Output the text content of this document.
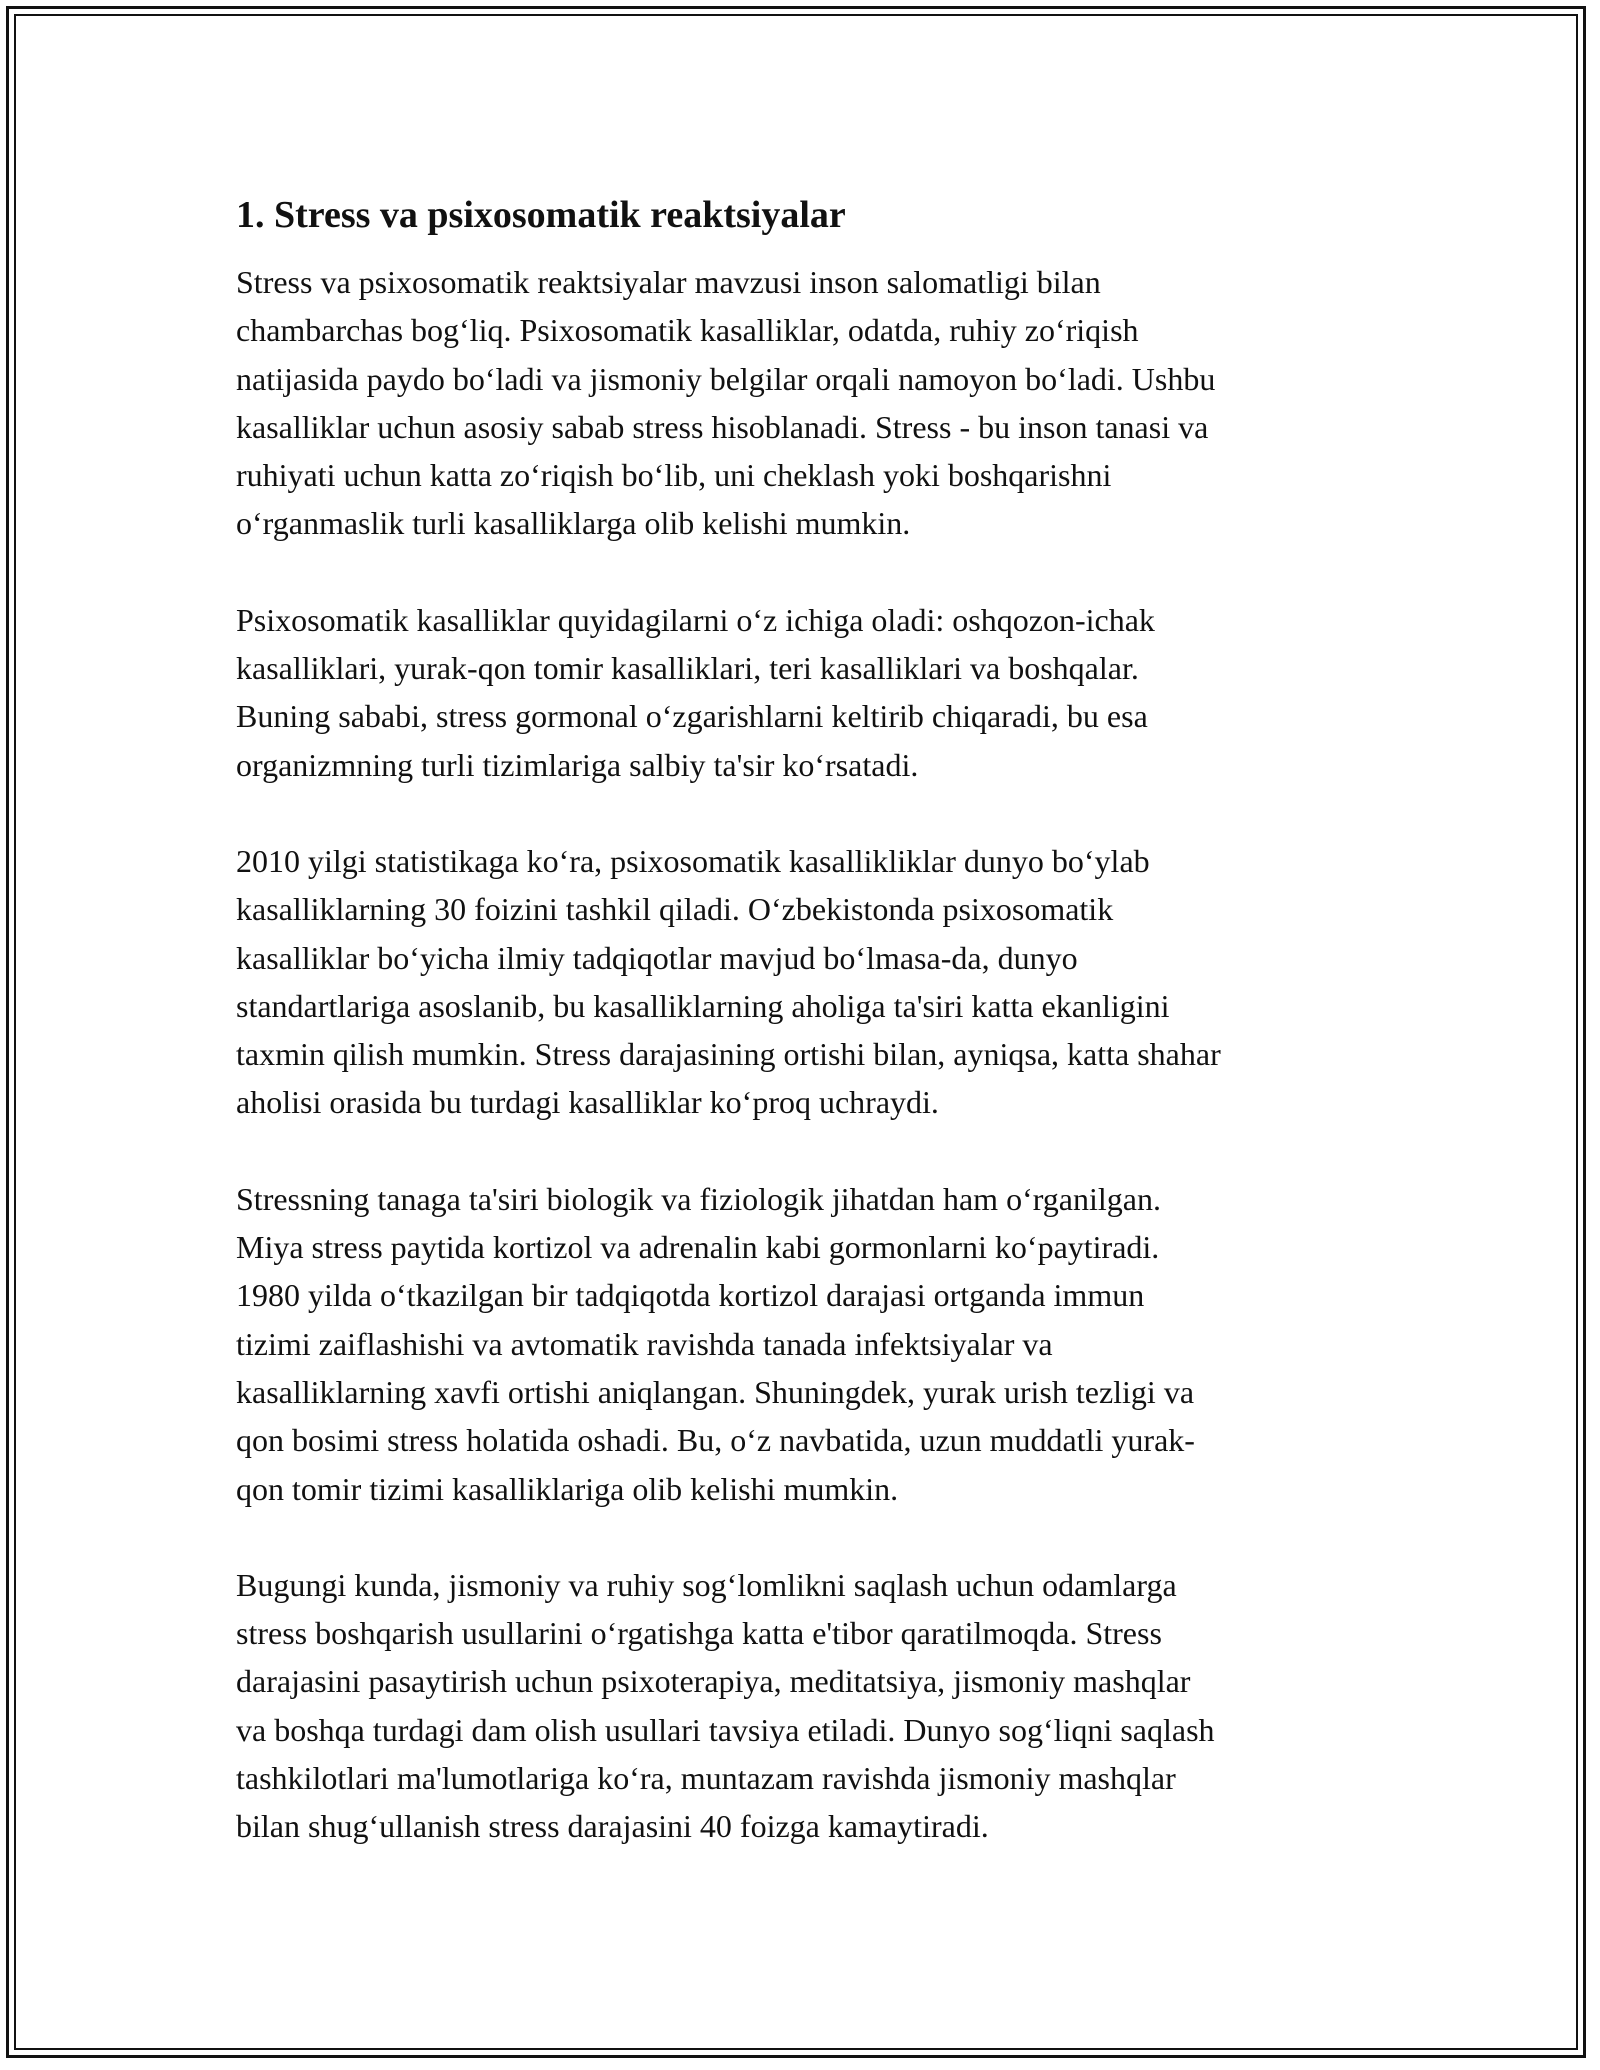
1. Stress va psixosomatik reaktsiyalar

Stress va psixosomatik reaktsiyalar mavzusi inson salomatligi bilan
chambarchas bog‘liq. Psixosomatik kasalliklar, odatda, ruhiy zo‘riqish
natijasida paydo bo‘ladi va jismoniy belgilar orqali namoyon bo‘ladi. Ushbu
kasalliklar uchun asosiy sabab stress hisoblanadi. Stress - bu inson tanasi va
ruhiyati uchun katta zo‘riqish bo‘lib, uni cheklash yoki boshqarishni
o‘rganmaslik turli kasalliklarga olib kelishi mumkin.

Psixosomatik kasalliklar quyidagilarni o‘z ichiga oladi: oshqozon-ichak
kasalliklari, yurak-qon tomir kasalliklari, teri kasalliklari va boshqalar.
Buning sababi, stress gormonal o‘zgarishlarni keltirib chiqaradi, bu esa
organizmning turli tizimlariga salbiy ta'sir ko‘rsatadi.

2010 yilgi statistikaga ko‘ra, psixosomatik kasallikliklar dunyo bo‘ylab
kasalliklarning 30 foizini tashkil qiladi. O‘zbekistonda psixosomatik
kasalliklar bo‘yicha ilmiy tadqiqotlar mavjud bo‘lmasa-da, dunyo
standartlariga asoslanib, bu kasalliklarning aholiga ta'siri katta ekanligini
taxmin qilish mumkin. Stress darajasining ortishi bilan, ayniqsa, katta shahar
aholisi orasida bu turdagi kasalliklar ko‘proq uchraydi.

Stressning tanaga ta'siri biologik va fiziologik jihatdan ham o‘rganilgan.
Miya stress paytida kortizol va adrenalin kabi gormonlarni ko‘paytiradi.
1980 yilda o‘tkazilgan bir tadqiqotda kortizol darajasi ortganda immun
tizimi zaiflashishi va avtomatik ravishda tanada infektsiyalar va
kasalliklarning xavfi ortishi aniqlangan. Shuningdek, yurak urish tezligi va
qon bosimi stress holatida oshadi. Bu, o‘z navbatida, uzun muddatli yurak-
qon tomir tizimi kasalliklariga olib kelishi mumkin.

Bugungi kunda, jismoniy va ruhiy sog‘lomlikni saqlash uchun odamlarga
stress boshqarish usullarini o‘rgatishga katta e'tibor qaratilmoqda. Stress
darajasini pasaytirish uchun psixoterapiya, meditatsiya, jismoniy mashqlar
va boshqa turdagi dam olish usullari tavsiya etiladi. Dunyo sog‘liqni saqlash
tashkilotlari ma'lumotlariga ko‘ra, muntazam ravishda jismoniy mashqlar
bilan shug‘ullanish stress darajasini 40 foizga kamaytiradi.
